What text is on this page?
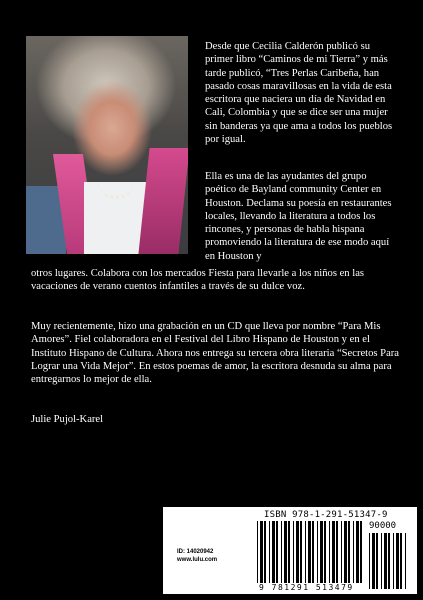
Desde que Cecilia Calderón publicó su primer libro “Caminos de mi Tierra” y más tarde publicó, “Tres Perlas Caribeña, han pasado cosas maravillosas en la vida de esta escritora que naciera un día de Navidad en Cali, Colombia y que se dice ser una mujer sin banderas ya que ama a todos los pueblos por igual.

Ella es una de las ayudantes del grupo poético de Bayland community Center en Houston. Declama su poesía en restaurantes locales, llevando la literatura a todos los rincones, y personas de habla hispana promoviendo la literatura de ese modo aquí en Houston y

otros lugares. Colabora con los mercados Fiesta para llevarle a los niños en las vacaciones de verano cuentos infantiles a través de su dulce voz.

Muy recientemente, hizo una grabación en un CD que lleva por nombre “Para Mis Amores”. Fiel colaboradora en el Festival del Libro Hispano de Houston y en el Instituto Hispano de Cultura. Ahora nos entrega su tercera obra literaria “Secretos Para Lograr una Vida Mejor”. En estos poemas de amor, la escritora desnuda su alma para entregarnos lo mejor de ella.

Julie Pujol-Karel

ISBN 978-1-291-51347-9
ID: 14020942
www.lulu.com
9 781291 513479
90000
